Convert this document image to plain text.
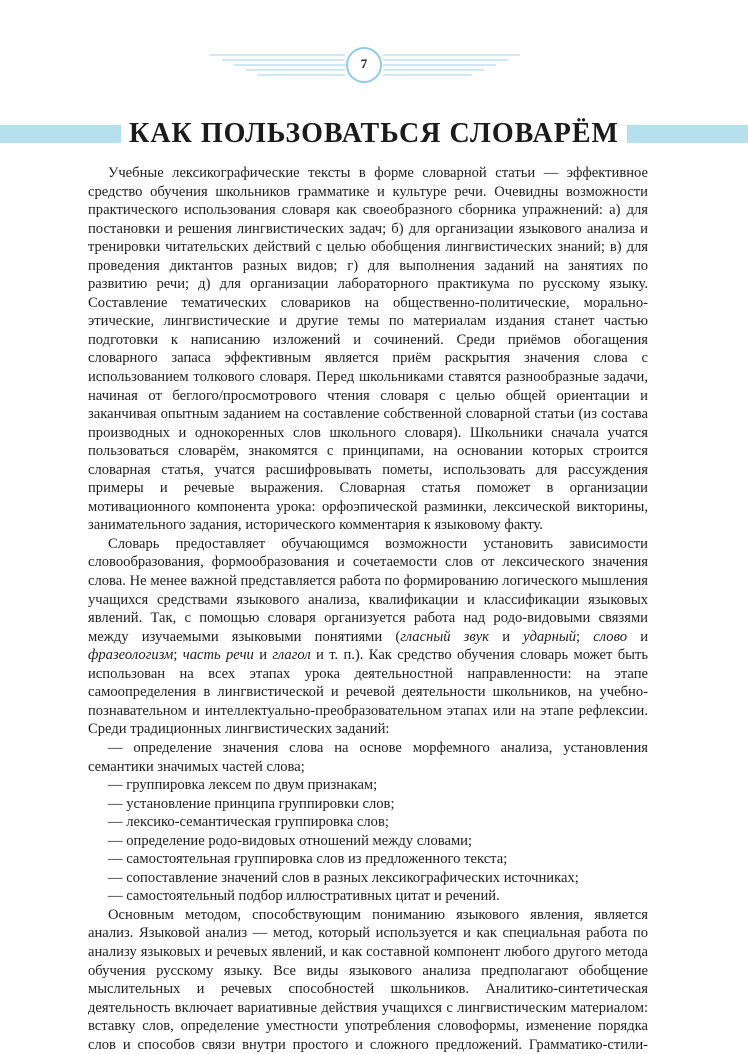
7
КАК ПОЛЬЗОВАТЬСЯ СЛОВАРЁМ

Учебные лексикографические тексты в форме словарной статьи — эффективное средство обучения школьников грамматике и культуре речи. Очевидны возможности практического использования словаря как своеобразного сборника упражнений: а) для постановки и решения лингвистических задач; б) для организации языкового анализа и тренировки читательских действий с целью обобщения лингвистических знаний; в) для проведения диктантов разных видов; г) для выполнения заданий на занятиях по развитию речи; д) для организации лабораторного практикума по русскому языку. Составление тематических словариков на общественно-политические, морально-этические, лингвистические и другие темы по материалам издания станет частью подготовки к написанию изложений и сочинений. Среди приёмов обогащения словарного запаса эффективным является приём раскрытия значения слова с использованием толкового словаря. Перед школьниками ставятся разнообразные задачи, начиная от беглого/просмотрового чтения словаря с целью общей ориентации и заканчивая опытным заданием на составление собственной словарной статьи (из состава производных и однокоренных слов школьного словаря). Школьники сначала учатся пользоваться словарём, знакомятся с принципами, на основании которых строится словарная статья, учатся расшифровывать пометы, использовать для рассуждения примеры и речевые выражения. Словарная статья поможет в организации мотивационного компонента урока: орфоэпической разминки, лексической викторины, занимательного задания, исторического комментария к языковому факту.

Словарь предоставляет обучающимся возможности установить зависимости словообразования, формообразования и сочетаемости слов от лексического значения слова. Не менее важной представляется работа по формированию логического мышления учащихся средствами языкового анализа, квалификации и классификации языковых явлений. Так, с помощью словаря организуется работа над родо-видовыми связями между изучаемыми языковыми понятиями (гласный звук и ударный; слово и фразеологизм; часть речи и глагол и т. п.). Как средство обучения словарь может быть использован на всех этапах урока деятельностной направленности: на этапе самоопределения в лингвистической и речевой деятельности школьников, на учебно-познавательном и интеллектуально-преобразовательном этапах или на этапе рефлексии. Среди традиционных лингвистических заданий:

— определение значения слова на основе морфемного анализа, установления семантики значимых частей слова;

— группировка лексем по двум признакам;

— установление принципа группировки слов;

— лексико-семантическая группировка слов;

— определение родо-видовых отношений между словами;

— самостоятельная группировка слов из предложенного текста;

— сопоставление значений слов в разных лексикографических источниках;

— самостоятельный подбор иллюстративных цитат и речений.

Основным методом, способствующим пониманию языкового явления, является анализ. Языковой анализ — метод, который используется и как специальная работа по анализу языковых и речевых явлений, и как составной компонент любого другого метода обучения русскому языку. Все виды языкового анализа предполагают обобщение мыслительных и речевых способностей школьников. Аналитико-синтетическая деятельность включает вариативные действия учащихся с лингвистическим материалом: вставку слов, определение уместности употребления словоформы, изменение порядка слов и способов связи внутри простого и сложного предложений. Грамматико-стили-
